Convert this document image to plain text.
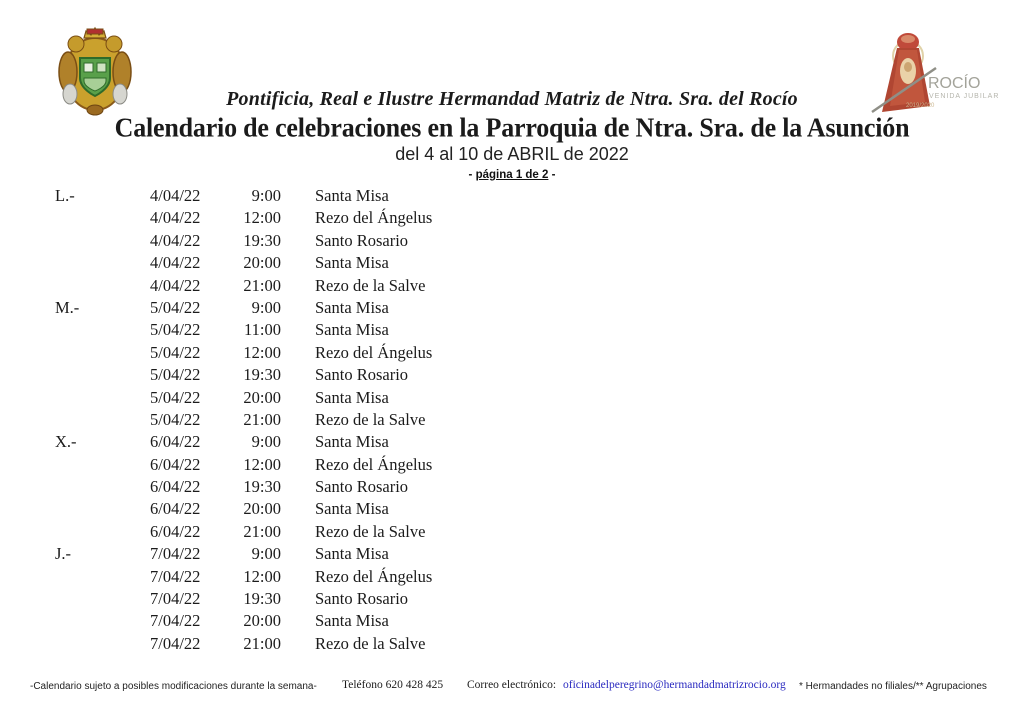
ROCÍO
VENIDA JUBILAR
2019/2020
Pontificia, Real e Ilustre Hermandad Matriz de Ntra. Sra. del Rocío
Calendario de celebraciones en la Parroquia de Ntra. Sra. de la Asunción
del 4 al 10 de ABRIL de 2022
- página 1 de 2 -
L.-	4/04/22	9:00 Santa Misa
4/04/22	12:00 Rezo del Ángelus
4/04/22	19:30 Santo Rosario
4/04/22	20:00 Santa Misa
4/04/22	21:00 Rezo de la Salve
M.-	5/04/22	9:00 Santa Misa
5/04/22	11:00 Santa Misa
5/04/22	12:00 Rezo del Ángelus
5/04/22	19:30 Santo Rosario
5/04/22	20:00 Santa Misa
5/04/22	21:00 Rezo de la Salve
X.-	6/04/22	9:00 Santa Misa
6/04/22	12:00 Rezo del Ángelus
6/04/22	19:30 Santo Rosario
6/04/22	20:00 Santa Misa
6/04/22	21:00 Rezo de la Salve
J.-	7/04/22	9:00 Santa Misa
7/04/22	12:00 Rezo del Ángelus
7/04/22	19:30 Santo Rosario
7/04/22	20:00 Santa Misa
7/04/22	21:00 Rezo de la Salve
-Calendario sujeto a posibles modificaciones durante la semana- Teléfono 620 428 425 Correo electrónico: oficinadelperegrino@hermandadmatrizrocio.org * Hermandades no filiales/** Agrupaciones
